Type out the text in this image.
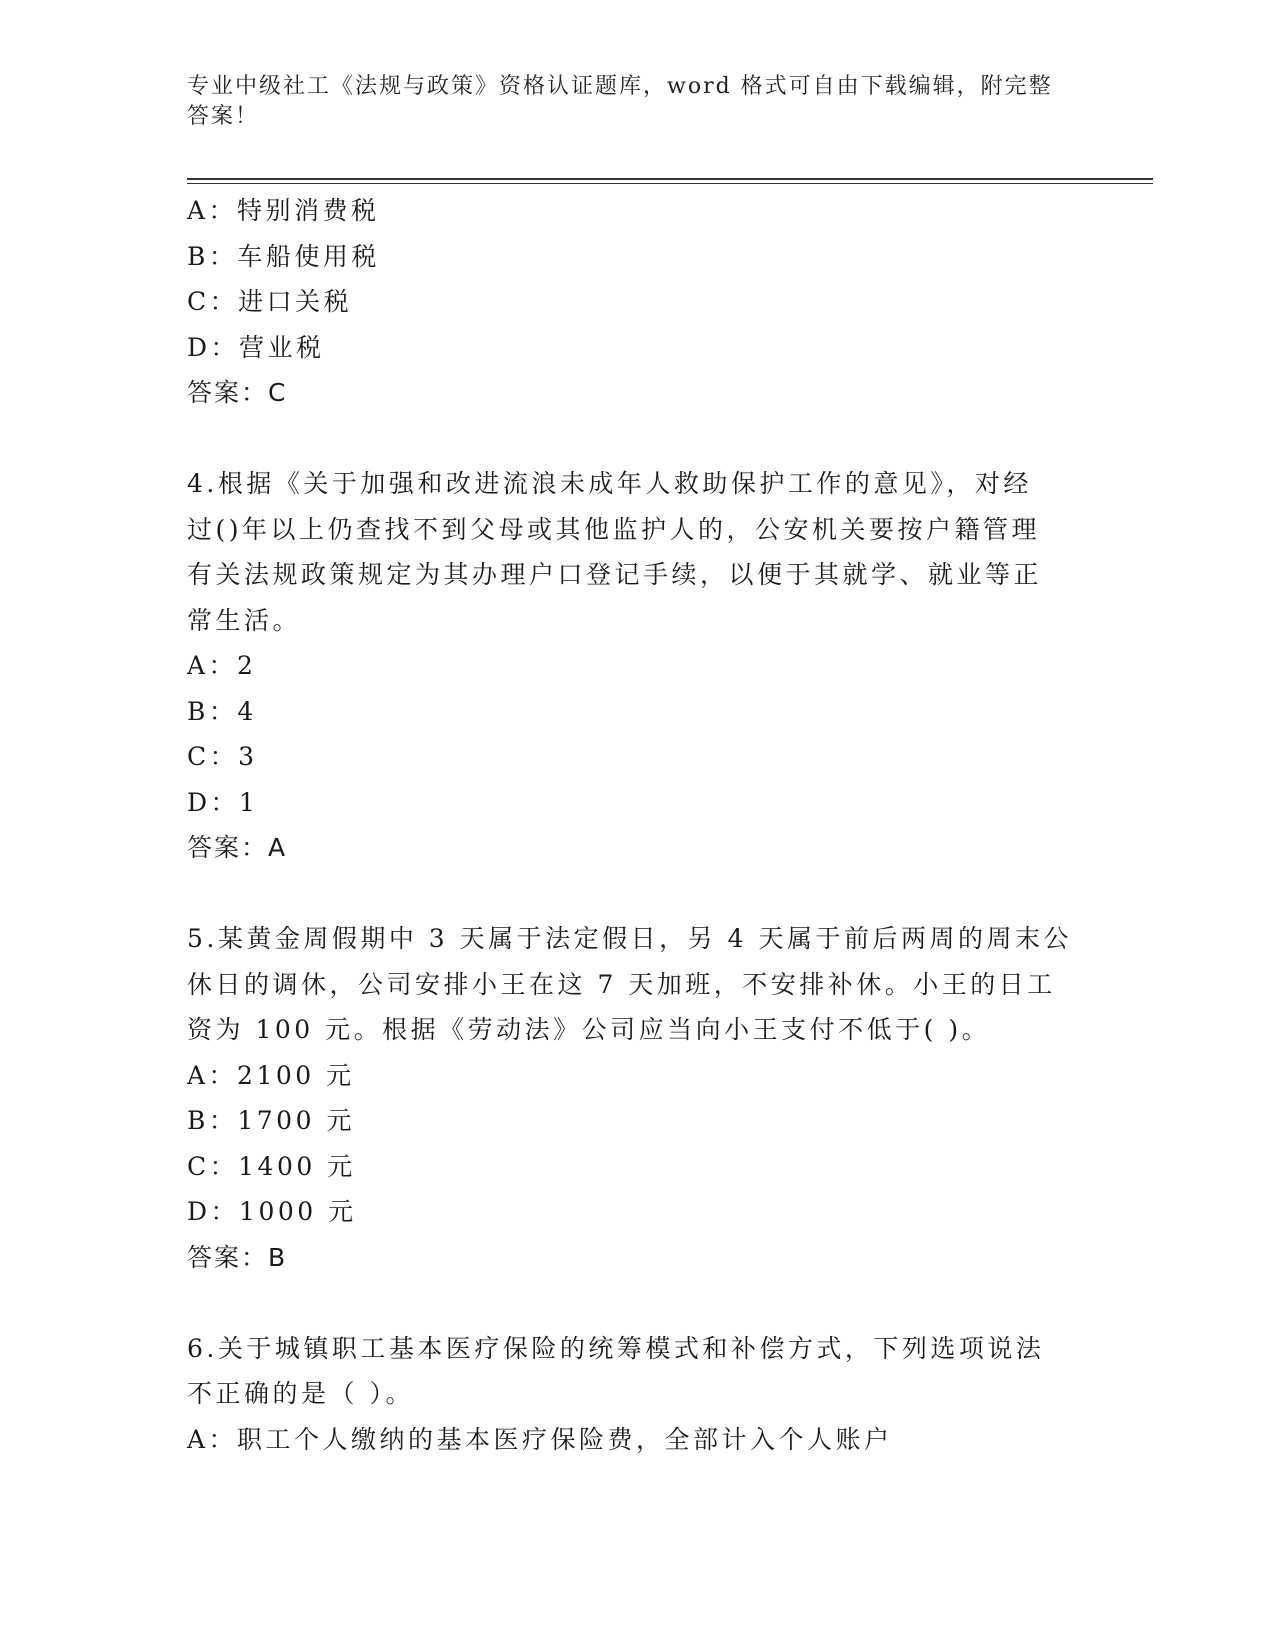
专业中级社工《法规与政策》资格认证题库，word 格式可自由下载编辑，附完整
答案！
A：特别消费税
B：车船使用税
C：进口关税
D：营业税
答案：C
4.根据《关于加强和改进流浪未成年人救助保护工作的意见》，对经
过()年以上仍查找不到父母或其他监护人的，公安机关要按户籍管理
有关法规政策规定为其办理户口登记手续，以便于其就学、就业等正
常生活。
A：2
B：4
C：3
D：1
答案：A
5.某黄金周假期中 3 天属于法定假日，另 4 天属于前后两周的周末公
休日的调休，公司安排小王在这 7 天加班，不安排补休。小王的日工
资为 100 元。根据《劳动法》公司应当向小王支付不低于( )。
A：2100 元
B：1700 元
C：1400 元
D：1000 元
答案：B
6.关于城镇职工基本医疗保险的统筹模式和补偿方式，下列选项说法
不正确的是（ ）。
A：职工个人缴纳的基本医疗保险费，全部计入个人账户
